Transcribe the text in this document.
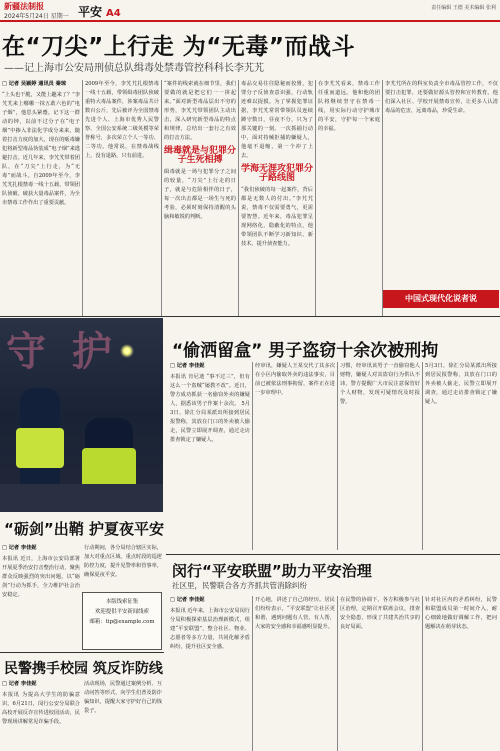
新疆法制报
2024年5月24日 星期一 平安 A4	责任编辑 王德 美术编辑 张利
在“刀尖”上行走 为“无毒”而战斗
——记上海市公安局刑侦总队缉毒处禁毒管控科科长李艽艽
□ 记者 吴颖婷 通讯员 秦琼
“上头也干脆，又能上趣来了？”李艽艽来上哪哪一抹五敢六色的“电子烟”，他思头紧蹙。记下这一群动的钟，以前不过分子在“电子烟”中掺入非法化学成分来来，随着打击力度的加大，现在的贩毒嫌犯将新型毒品伪装成“电子烟”来逃避打击。近几年来，李艽艽带着团队，在“刀尖”上行走，为“无毒”而战斗。自2009年至今，李艽艽扎根禁毒一线十五载，带领团队侦破、破获大量毒品案件，为全市禁毒工作作出了重要贡献。
2009年至今，李艽艽扎根禁毒一线十五载，带领缉毒团队侦破重特大毒品案件，涉案毒品共计数百公斤，先后被评为全国禁毒先进个人、上海市优秀人民警察、全国公安系统二级英模等荣誉称号，多次荣立个人一等功、二等功。他常说，在禁毒战线上，没有退路，只有前进。
“案件的线索就在细节里，我们要做的就是把它们一一拼起来。”面对新型毒品层出不穷的形势，李艽艽带领团队主动出击，深入研究新型毒品的特点和规律，总结出一套行之有效的打击方法。
缉毒就是与犯罪分子生死相搏
缉毒就是一场与犯罪分子之间的较量，“刀尖”上行走的日子，就是与危险相伴的日子，每一次出击都是一场生与死的考验，必须时刻保持清醒的头脑和敏锐的判断。
毒品交易往往隐秘而狡猾，犯罪分子反侦查意识强，行动轨迹难以捉摸。为了掌握犯罪证据，李艽艽常常带领队员连续蹲守数日，昼夜不分，只为了那关键的一刻。一次抓捕行动中，面对持械拒捕的嫌疑人，他毫不退缩，第一个冲了上去。
学海无涯攻犯罪分子路线图
“我们侦破的每一起案件，背后都是无数人的付出。”李艽艽说，禁毒不仅需要勇气，更需要智慧。近年来，毒品犯罪呈现网络化、隐蔽化的特点，他带领团队不断学习新知识、新技术，提升侦查能力。
在李艽艽看来，禁毒工作任重而道远。他和他的团队将继续坚守在禁毒一线，用实际行动守护城市的平安，守护每一个家庭的幸福。
李艽艽所在的科室负责全市毒品管控工作，不仅要打击犯罪，还要做好源头管控和宣传教育。他们深入社区、学校开展禁毒宣传，让更多人认清毒品的危害，远离毒品，珍爱生命。
中国式现代化说者说
守 护	“偷洒留盒” 男子盗窃十余次被刑拘
□ 记者 李佳妮
本报讯 肯尼迪 “事不过三”，但有这么一个盗贼“屡教不改”。近日，警方成功抓获一名偷窃外卖的嫌疑人，据悉该男子作案十余次。 5月3日，徐汇分局某派出所接到居民报警称，其放在门口的外卖被人偷走，民警立即展开调查，通过走访排查锁定了嫌疑人。
经审讯，嫌疑人王某交代了其多次在小区内偷取外卖的违法事实，目前已被依法刑事拘留，案件正在进一步审理中。
习惯，经审讯该男子一直偷窃他人财物，嫌疑人对其盗窃行为供认不讳，警方提醒广大市民注意保管好个人财物，发现可疑情况及时报警。
5月3日，徐汇分局某派出所接到居民报警称，其放在门口的外卖被人偷走，民警立即展开调查，通过走访排查锁定了嫌疑人。
“砺剑”出鞘 护夏夜平安
□ 记者 李佳妮
本报讯 近日，上海市公安局部署开展夏季治安打击整治行动，聚焦群众反映强烈的突出问题，以“砺剑”行动为抓手，全力维护社会治安稳定。
行动期间，各分局结合辖区实际，加大对重点区域、重点时段的巡逻防控力度，提升见警率和管事率，确保夏夜平安。
本版线索征集
欢迎提供平安新闻线索
邮箱：tip@example.com
闵行“平安联盟”助力平安治理
社区里，民警联合各方齐抓共管消除纠纷
□ 记者 李佳妮
本报讯 近年来，上海市公安局闵行分局积极探索基层治理新模式，组建“平安联盟”，整合社区、物业、志愿者等多方力量，共同化解矛盾纠纷，提升社区安全感。
开心地，讲述了自己的经历。居民们纷纷表示，“平安联盟”让社区更和谐，遇到问题有人管、有人帮，大家的安全感和幸福感明显提升。
在民警的协调下，各方积极参与社区治理，定期召开联席会议，排查安全隐患，形成了共建共治共享的良好局面。
针对社区内的矛盾纠纷，民警和联盟成员第一时间介入，耐心细致地做好调解工作，把问题解决在萌芽状态。
民警携手校园 筑反诈防线
□ 记者 李佳妮
本报讯 为提高大学生的防骗意识，6月21日，闵行公安分局联合高校开展反诈宣传进校园活动，民警现场讲解常见诈骗手段。
活动现场，民警通过案例分析、互动问答等形式，向学生们普及防诈骗知识，提醒大家守护好自己的钱袋子。
